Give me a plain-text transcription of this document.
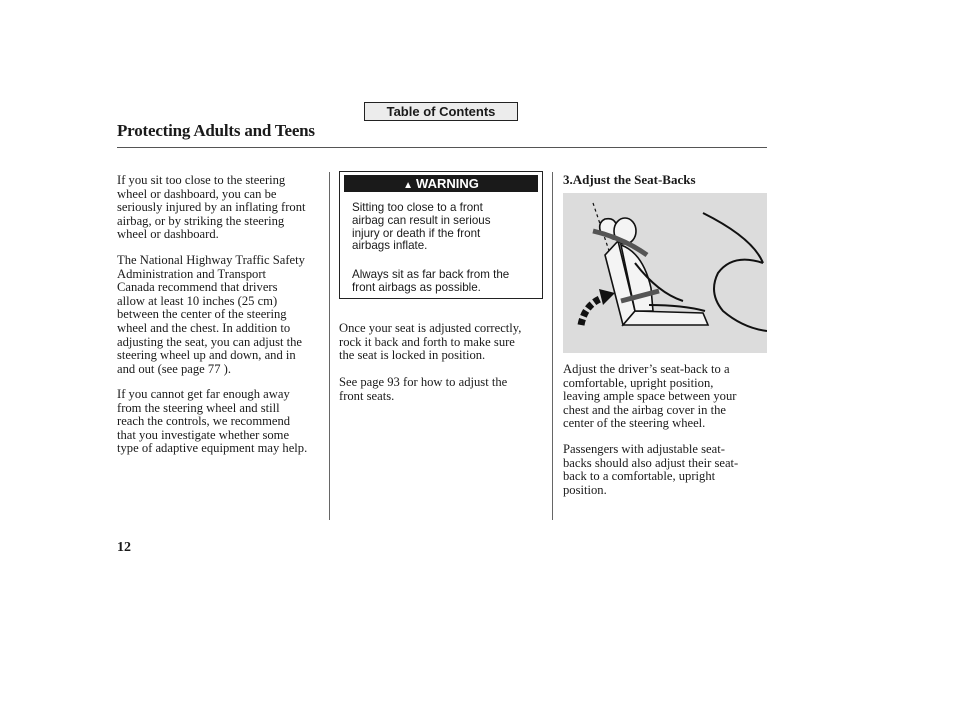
Table of Contents
Protecting Adults and Teens

If you sit too close to the steering
wheel or dashboard, you can be
seriously injured by an inflating front
airbag, or by striking the steering
wheel or dashboard.

The National Highway Traffic Safety
Administration and Transport
Canada recommend that drivers
allow at least 10 inches (25 cm)
between the center of the steering
wheel and the chest. In addition to
adjusting the seat, you can adjust the
steering wheel up and down, and in
and out (see page 77 ).

If you cannot get far enough away
from the steering wheel and still
reach the controls, we recommend
that you investigate whether some
type of adaptive equipment may help.

▲ WARNING

Sitting too close to a front
airbag can result in serious
injury or death if the front
airbags inflate.

Always sit as far back from the
front airbags as possible.

Once your seat is adjusted correctly,
rock it back and forth to make sure
the seat is locked in position.

See page 93 for how to adjust the
front seats.

3.Adjust the Seat-Backs

Adjust the driver’s seat-back to a
comfortable, upright position,
leaving ample space between your
chest and the airbag cover in the
center of the steering wheel.

Passengers with adjustable seat-
backs should also adjust their seat-
back to a comfortable, upright
position.

12
